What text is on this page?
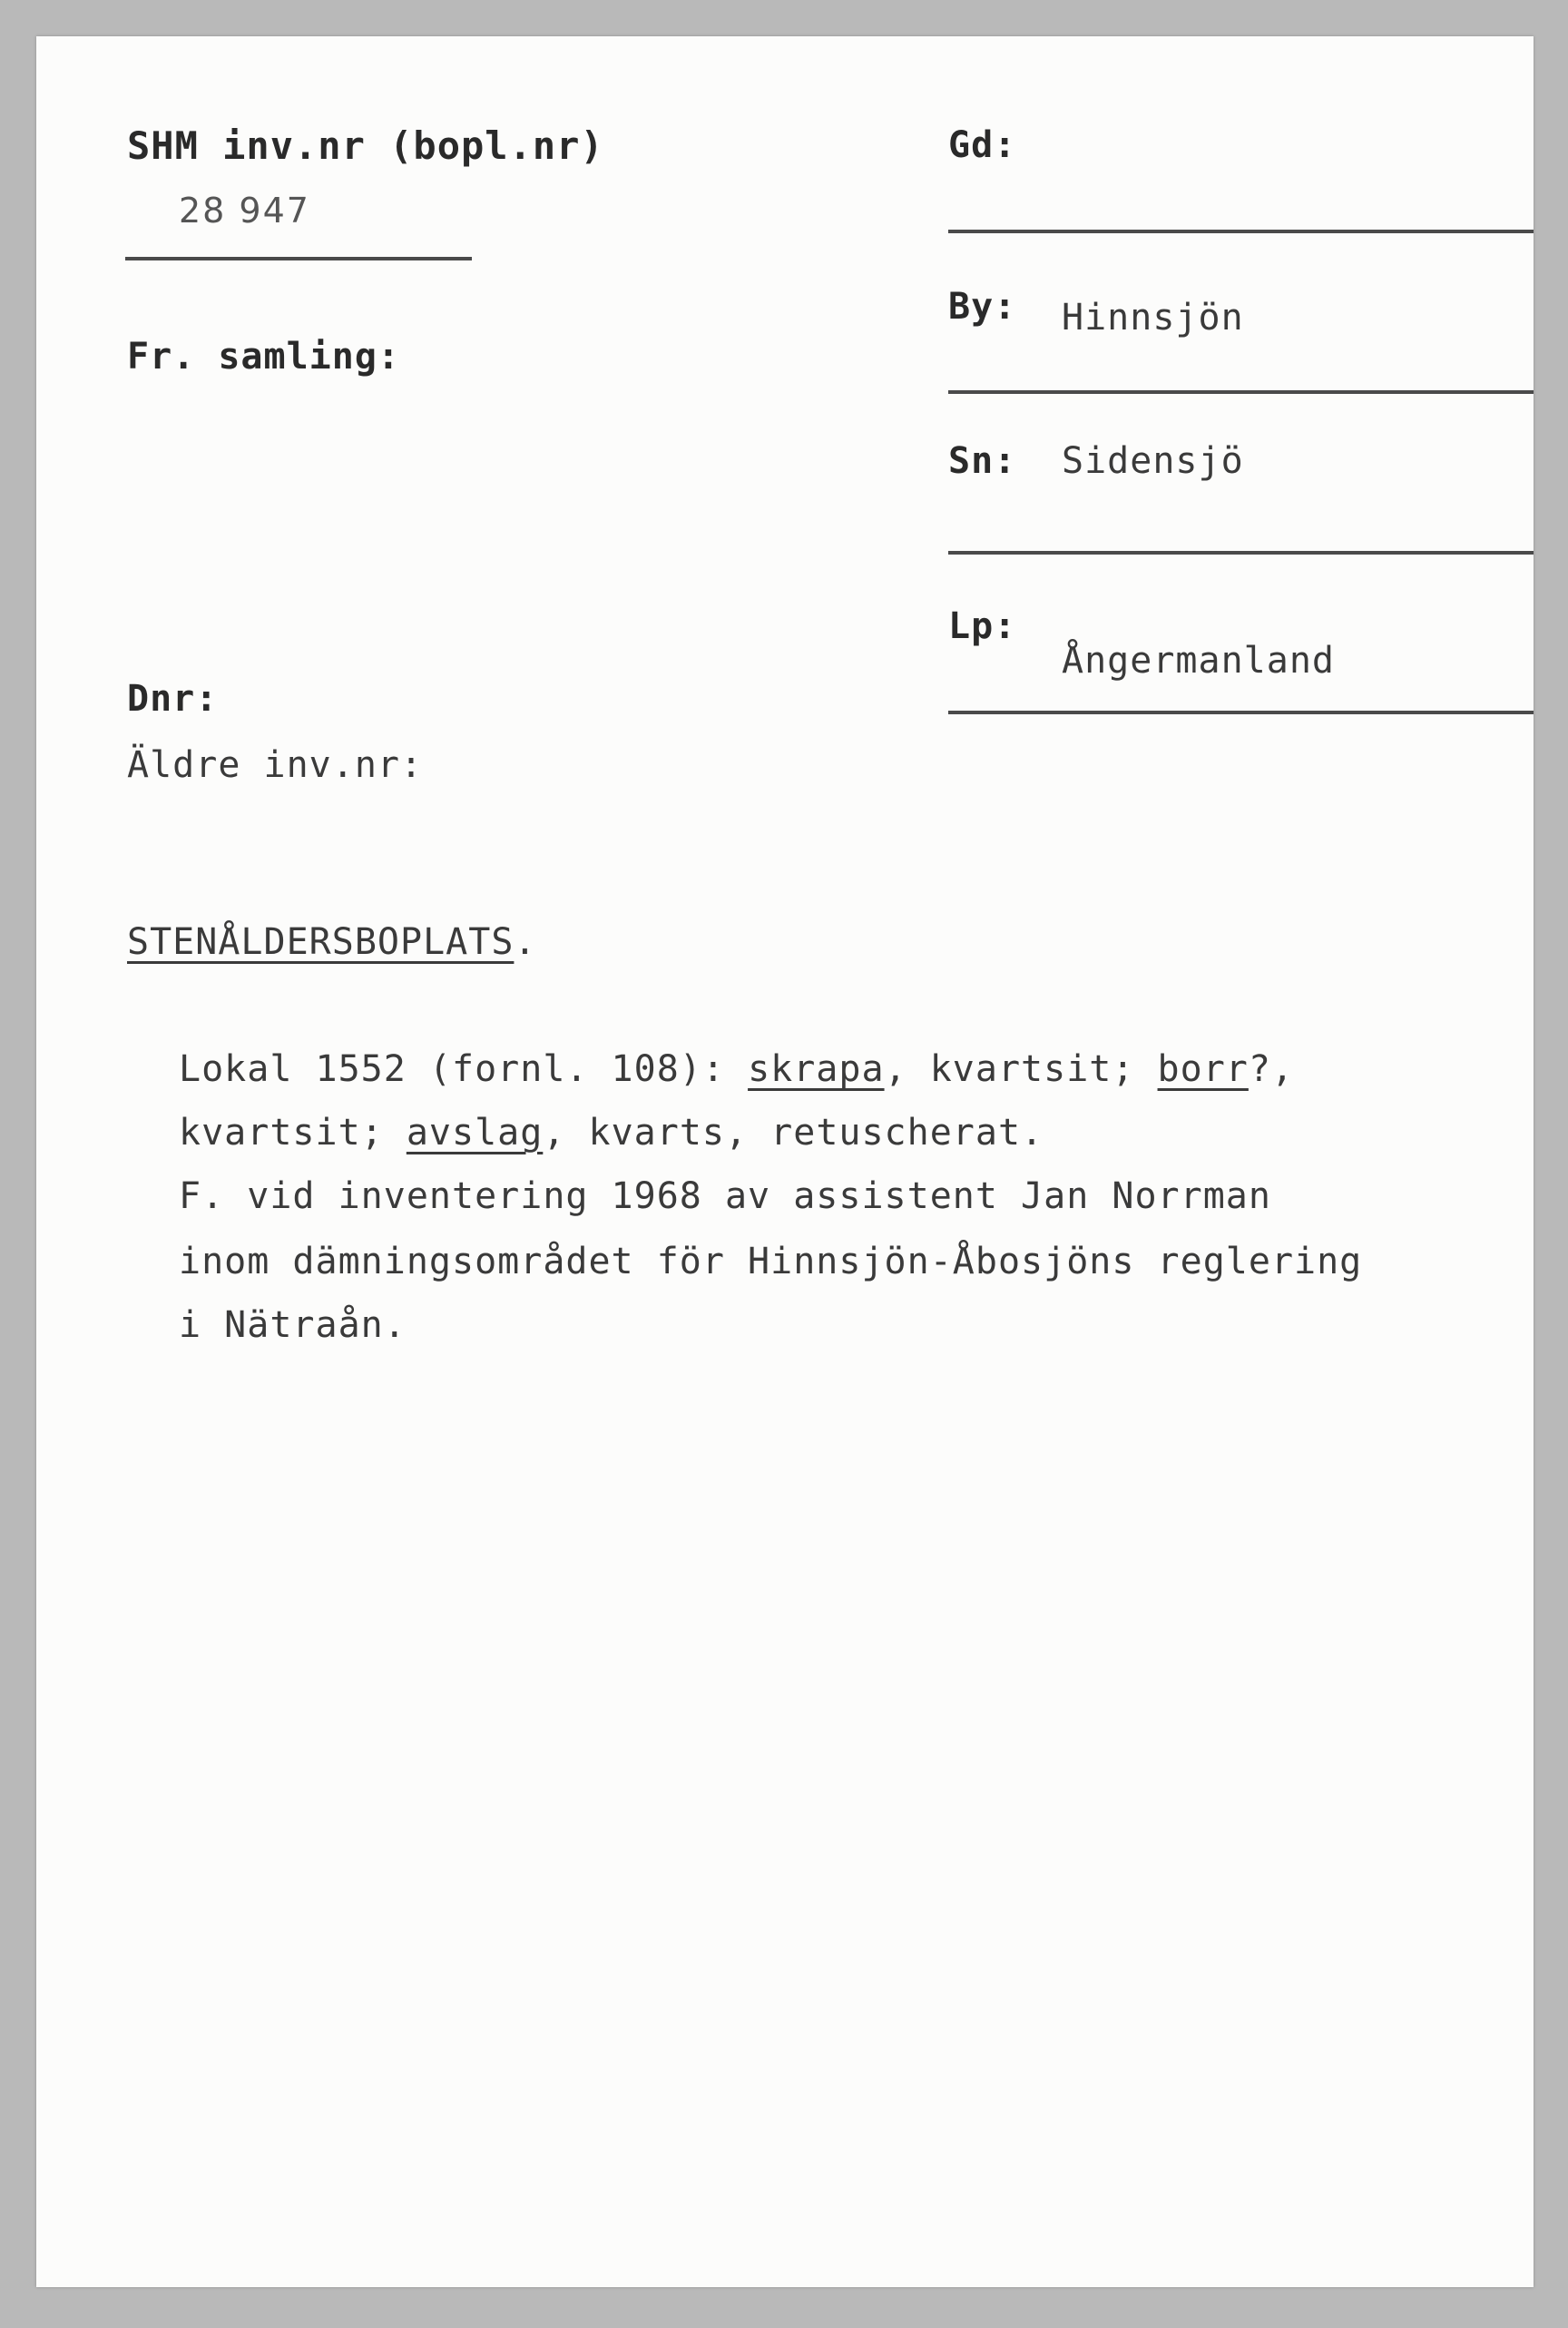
SHM inv.nr (bopl.nr)
28 947
Fr. samling:
Dnr:
Äldre inv.nr:
Gd:
By: Hinnsjön
Sn: Sidensjö
Lp:
Ångermanland
STENÅLDERSBOPLATS.
Lokal 1552 (fornl. 108): skrapa, kvartsit; borr?,
kvartsit; avslag, kvarts, retuscherat.
F. vid inventering 1968 av assistent Jan Norrman
inom dämningsområdet för Hinnsjön-Åbosjöns reglering
i Nätraån.
